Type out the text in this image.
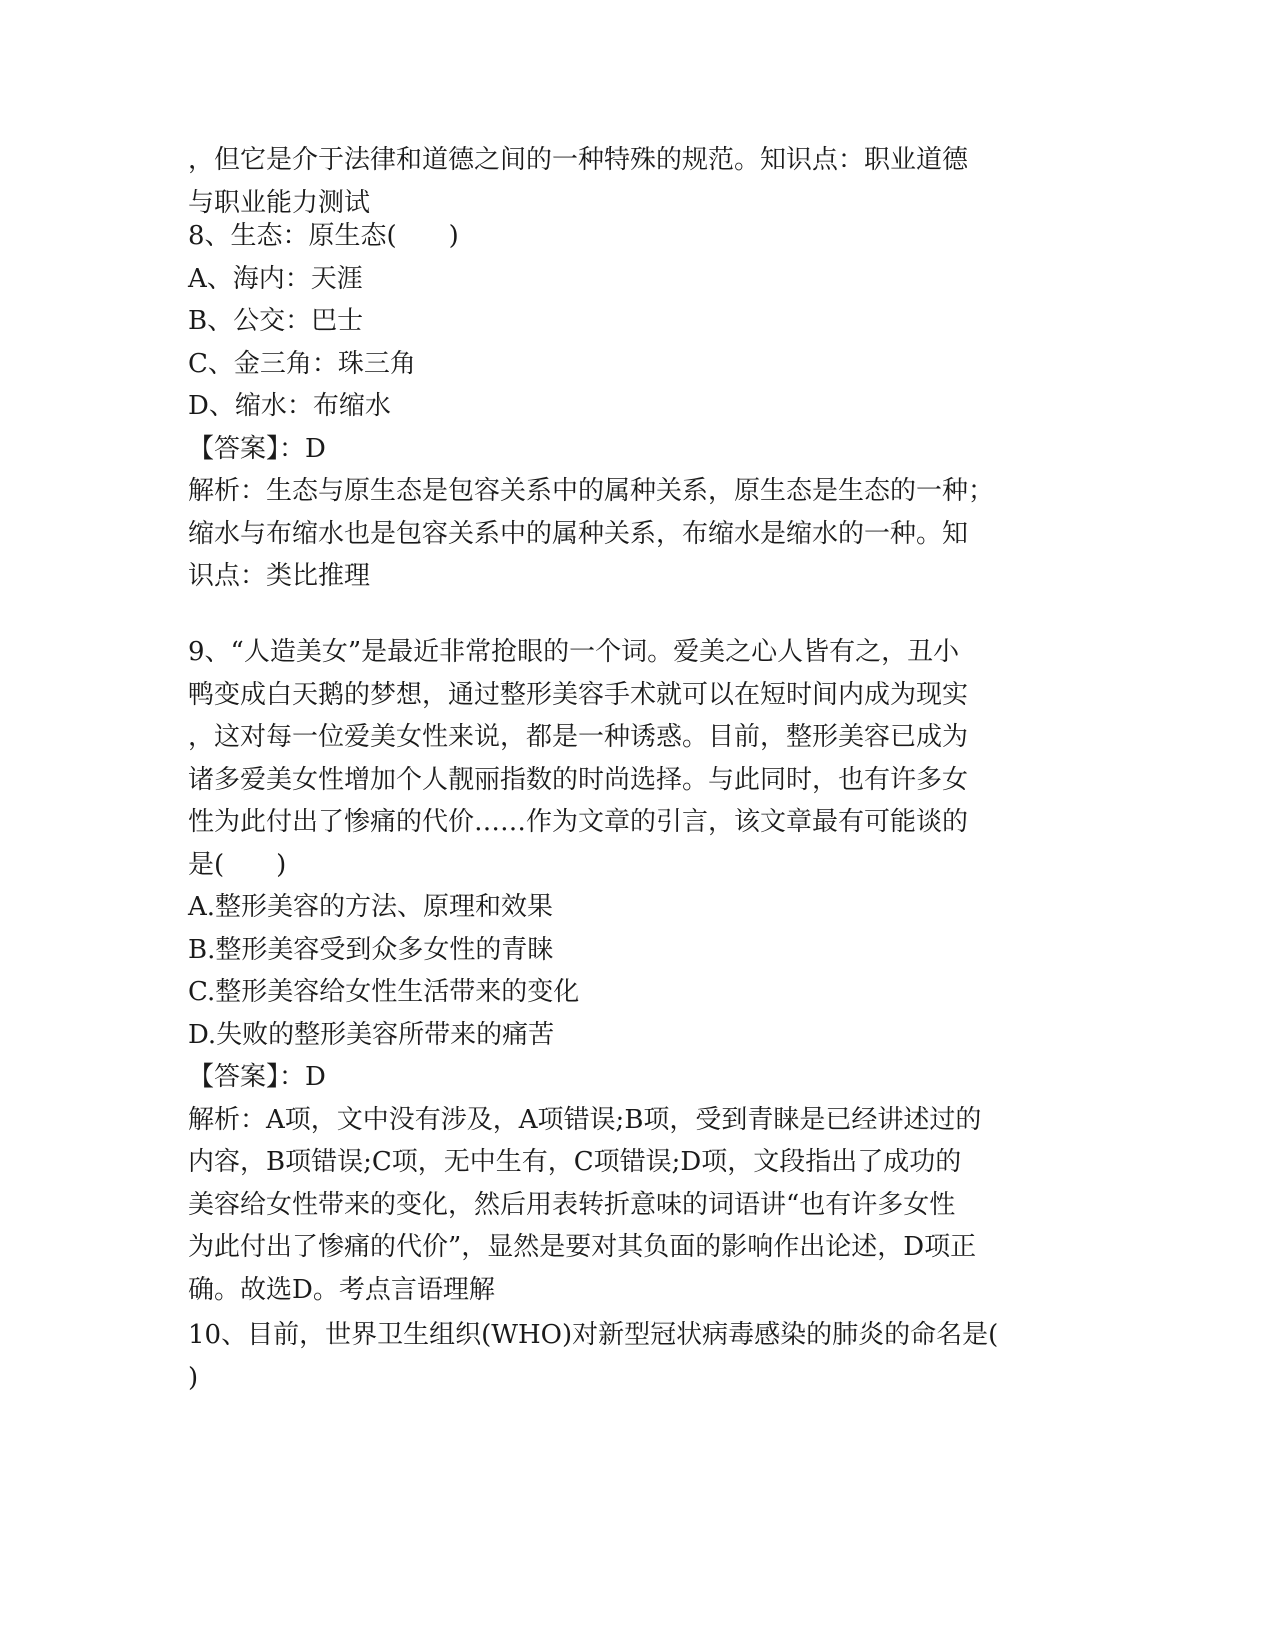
，但它是介于法律和道德之间的一种特殊的规范。知识点：职业道德
与职业能力测试
8、生态：原生态(　　)
A、海内：天涯
B、公交：巴士
C、金三角：珠三角
D、缩水：布缩水
【答案】：D
解析：生态与原生态是包容关系中的属种关系，原生态是生态的一种；
缩水与布缩水也是包容关系中的属种关系，布缩水是缩水的一种。知
识点：类比推理
9、“人造美女”是最近非常抢眼的一个词。爱美之心人皆有之，丑小
鸭变成白天鹅的梦想，通过整形美容手术就可以在短时间内成为现实
，这对每一位爱美女性来说，都是一种诱惑。目前，整形美容已成为
诸多爱美女性增加个人靓丽指数的时尚选择。与此同时，也有许多女
性为此付出了惨痛的代价……作为文章的引言，该文章最有可能谈的
是(　　)
A.整形美容的方法、原理和效果
B.整形美容受到众多女性的青睐
C.整形美容给女性生活带来的变化
D.失败的整形美容所带来的痛苦
【答案】：D
解析：A项，文中没有涉及，A项错误;B项，受到青睐是已经讲述过的
内容，B项错误;C项，无中生有，C项错误;D项，文段指出了成功的
美容给女性带来的变化，然后用表转折意味的词语讲“也有许多女性
为此付出了惨痛的代价”，显然是要对其负面的影响作出论述，D项正
确。故选D。考点言语理解
10、目前，世界卫生组织(WHO)对新型冠状病毒感染的肺炎的命名是(
)
